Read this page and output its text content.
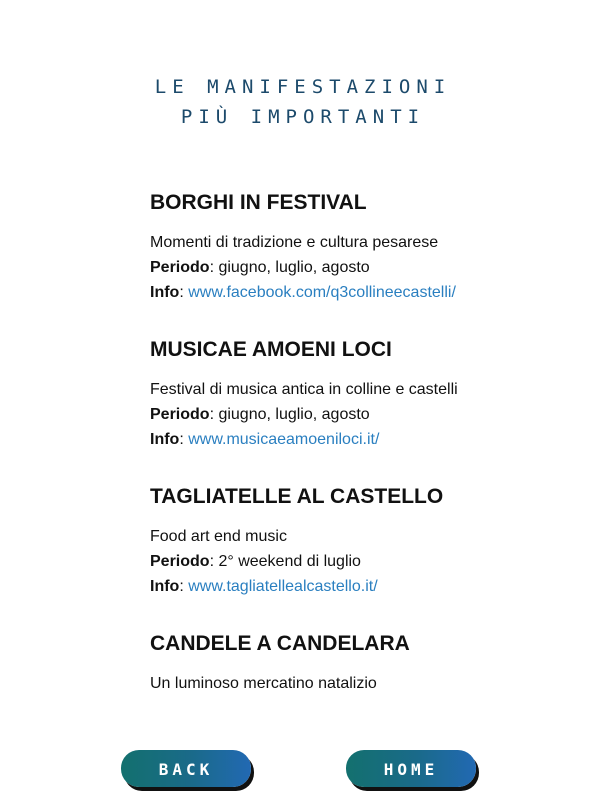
LE MANIFESTAZIONI
PIÙ IMPORTANTI
BORGHI IN FESTIVAL
Momenti di tradizione e cultura pesarese
Periodo: giugno, luglio, agosto
Info: www.facebook.com/q3collineecastelli/
MUSICAE AMOENI LOCI
Festival di musica antica in colline e castelli
Periodo: giugno, luglio, agosto
Info: www.musicaeamoeniloci.it/
TAGLIATELLE AL CASTELLO
Food art end music
Periodo: 2° weekend di luglio
Info: www.tagliatellealcastello.it/
CANDELE A CANDELARA
Un luminoso mercatino natalizio
BACK	HOME
